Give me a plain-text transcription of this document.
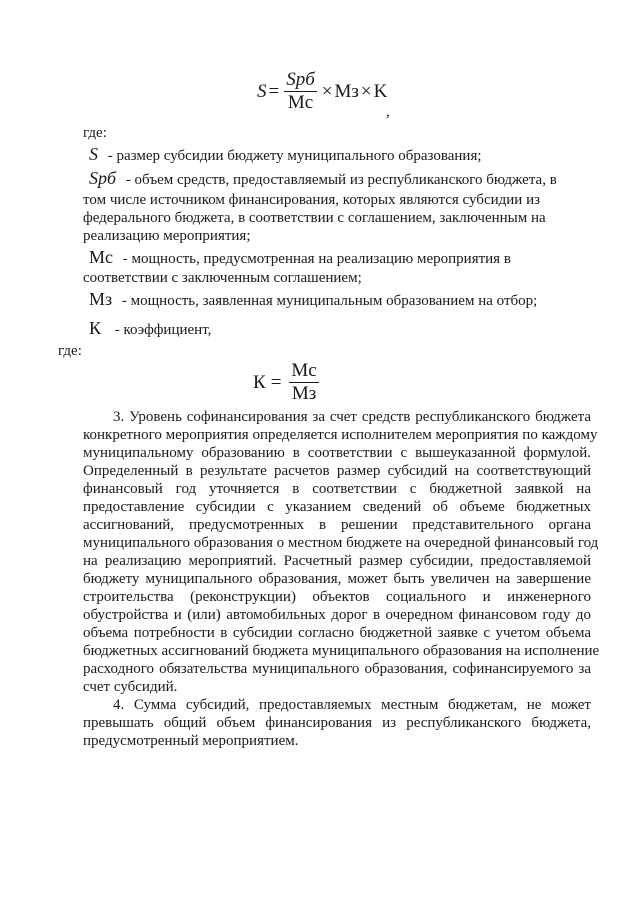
$S = \frac{\text{Spб}}{Мс}$ × Мз × K
,
где:
S - размер субсидии бюджету муниципального образования;
Spб - объем средств, предоставляемый из республиканского бюджета, в
том числе источником финансирования, которых являются субсидии из
федерального бюджета, в соответствии с соглашением, заключенным на
реализацию мероприятия;
Мс - мощность, предусмотренная на реализацию мероприятия в
соответствии с заключенным соглашением;
Мз - мощность, заявленная муниципальным образованием на отбор;
К - коэффициент,
где:
$К = \frac{Мс}{Мз}$
3. Уровень софинансирования за счет средств республиканского бюджета
конкретного мероприятия определяется исполнителем мероприятия по каждому
муниципальному образованию в соответствии с вышеуказанной формулой.
Определенный в результате расчетов размер субсидий на соответствующий
финансовый год уточняется в соответствии с бюджетной заявкой на
предоставление субсидии с указанием сведений об объеме бюджетных
ассигнований, предусмотренных в решении представительного органа
муниципального образования о местном бюджете на очередной финансовый год
на реализацию мероприятий. Расчетный размер субсидии, предоставляемой
бюджету муниципального образования, может быть увеличен на завершение
строительства (реконструкции) объектов социального и инженерного
обустройства и (или) автомобильных дорог в очередном финансовом году до
объема потребности в субсидии согласно бюджетной заявке с учетом объема
бюджетных ассигнований бюджета муниципального образования на исполнение
расходного обязательства муниципального образования, софинансируемого за
счет субсидий.
4. Сумма субсидий, предоставляемых местным бюджетам, не может
превышать общий объем финансирования из республиканского бюджета,
предусмотренный мероприятием.
